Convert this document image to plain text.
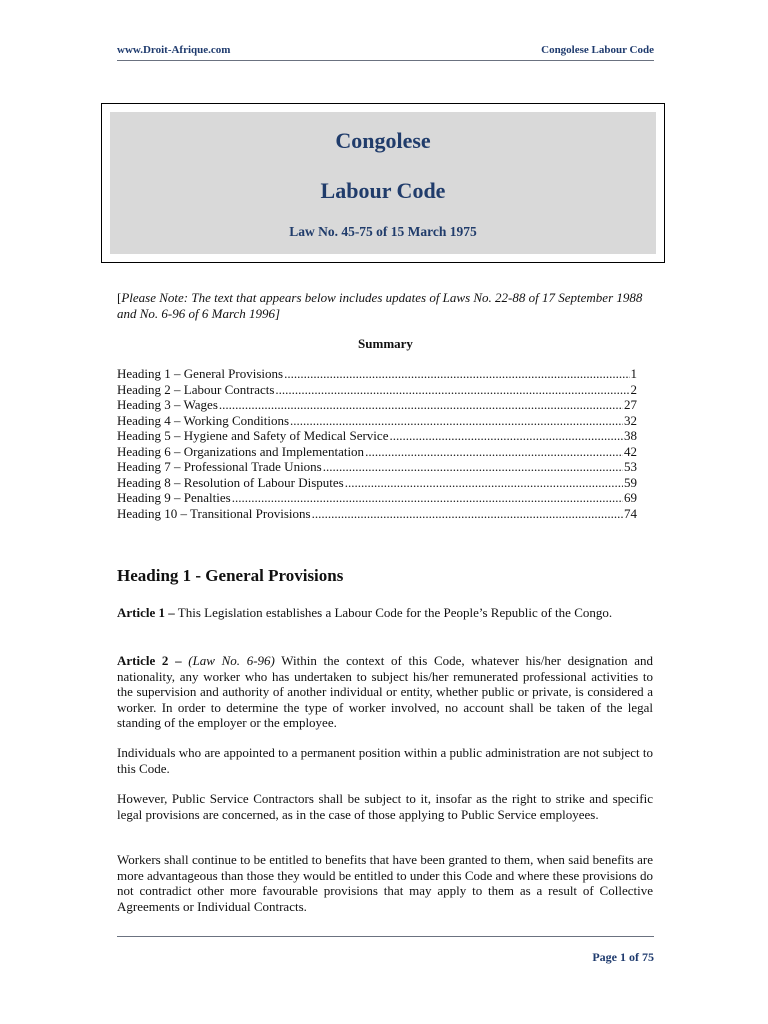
www.Droit-Afrique.com	Congolese Labour Code
Congolese
Labour Code
Law No. 45-75 of 15 March 1975
[Please Note: The text that appears below includes updates of Laws No. 22-88 of 17 September 1988 and No. 6-96 of 6 March 1996]
Summary
Heading 1 – General Provisions .....	1
Heading 2 – Labour Contracts .....	2
Heading 3 – Wages .....	27
Heading 4 – Working Conditions .....	32
Heading 5 – Hygiene and Safety of Medical Service .....	38
Heading 6 – Organizations and Implementation .....	42
Heading 7 – Professional Trade Unions .....	53
Heading 8 – Resolution of Labour Disputes .....	59
Heading 9 – Penalties .....	69
Heading 10 – Transitional Provisions .....	74
Heading 1 - General Provisions
Article 1 – This Legislation establishes a Labour Code for the People’s Republic of the Congo.
Article 2 – (Law No. 6-96) Within the context of this Code, whatever his/her designation and nationality, any worker who has undertaken to subject his/her remunerated professional activities to the supervision and authority of another individual or entity, whether public or private, is considered a worker. In order to determine the type of worker involved, no account shall be taken of the legal standing of the employer or the employee.
Individuals who are appointed to a permanent position within a public administration are not subject to this Code.
However, Public Service Contractors shall be subject to it, insofar as the right to strike and specific legal provisions are concerned, as in the case of those applying to Public Service employees.
Workers shall continue to be entitled to benefits that have been granted to them, when said benefits are more advantageous than those they would be entitled to under this Code and where these provisions do not contradict other more favourable provisions that may apply to them as a result of Collective Agreements or Individual Contracts.
Page 1 of 75
